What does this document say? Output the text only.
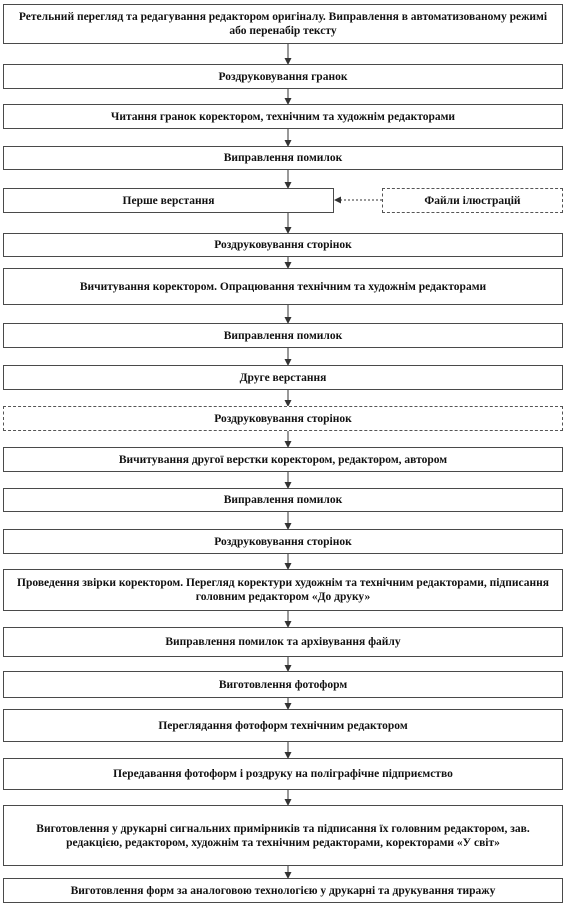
Ретельний перегляд та редагування редактором оригіналу. Виправлення в автоматизованому режимі або перенабір тексту
Роздруковування гранок
Читання гранок коректором, технічним та художнім редакторами
Виправлення помилок
Перше верстання	Файли ілюстрацій
Роздруковування сторінок
Вичитування коректором. Опрацювання технічним та художнім редакторами
Виправлення помилок
Друге верстання
Роздруковування сторінок
Вичитування другої верстки коректором, редактором, автором
Виправлення помилок
Роздруковування сторінок
Проведення звірки коректором. Перегляд коректури художнім та технічним редакторами, підписання головним редактором «До друку»
Виправлення помилок та архівування файлу
Виготовлення фотоформ
Переглядання фотоформ технічним редактором
Передавання фотоформ і роздруку на поліграфічне підприємство
Виготовлення у друкарні сигнальних примірників та підписання їх головним редактором, зав. редакцією, редактором, художнім та технічним редакторами, коректорами «У світ»
Виготовлення форм за аналоговою технологією у друкарні та друкування тиражу
